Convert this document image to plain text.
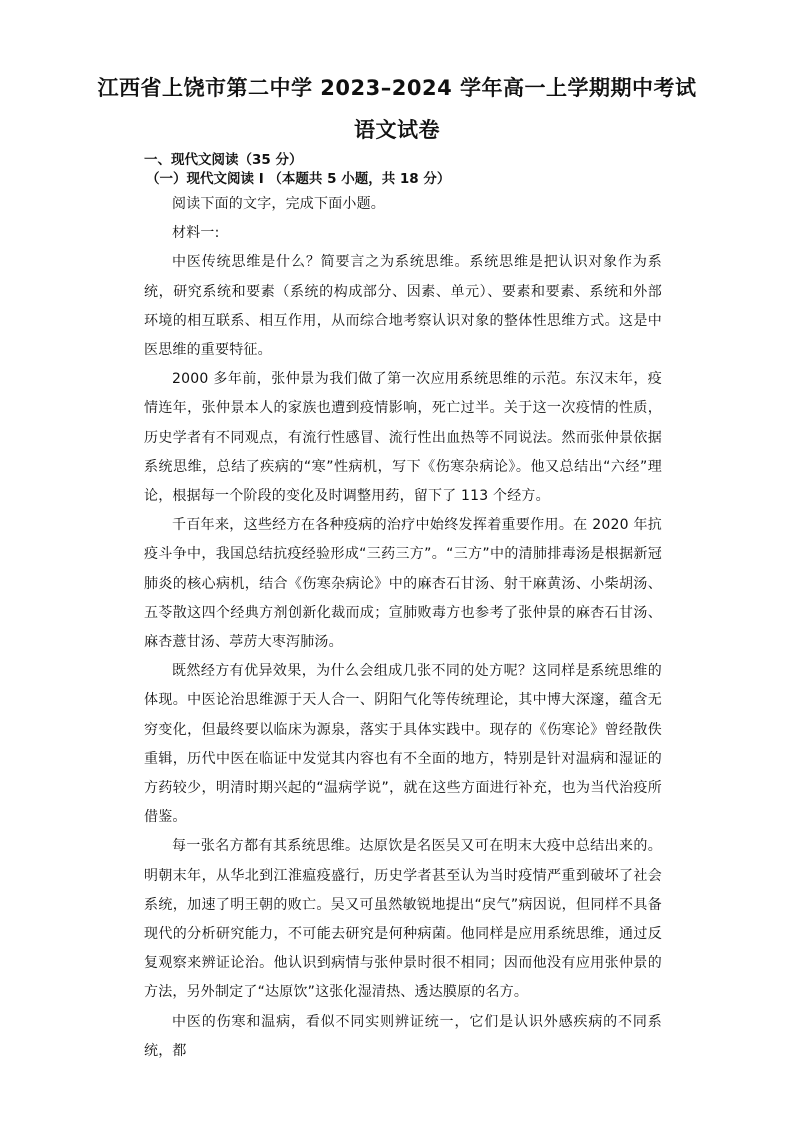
江西省上饶市第二中学 2023–2024 学年高一上学期期中考试
语文试卷
一、现代文阅读（35 分）
（一）现代文阅读 I （本题共 5 小题，共 18 分）

阅读下面的文字，完成下面小题。

材料一:

中医传统思维是什么？简要言之为系统思维。系统思维是把认识对象作为系统，研究系统和要素（系统的构成部分、因素、单元）、要素和要素、系统和外部环境的相互联系、相互作用，从而综合地考察认识对象的整体性思维方式。这是中医思维的重要特征。

2000 多年前，张仲景为我们做了第一次应用系统思维的示范。东汉末年，疫情连年，张仲景本人的家族也遭到疫情影响，死亡过半。关于这一次疫情的性质，历史学者有不同观点，有流行性感冒、流行性出血热等不同说法。然而张仲景依据系统思维，总结了疾病的“寒”性病机，写下《伤寒杂病论》。他又总结出“六经”理论，根据每一个阶段的变化及时调整用药，留下了 113 个经方。

千百年来，这些经方在各种疫病的治疗中始终发挥着重要作用。在 2020 年抗疫斗争中，我国总结抗疫经验形成“三药三方”。“三方”中的清肺排毒汤是根据新冠肺炎的核心病机，结合《伤寒杂病论》中的麻杏石甘汤、射干麻黄汤、小柴胡汤、五苓散这四个经典方剂创新化裁而成；宣肺败毒方也参考了张仲景的麻杏石甘汤、麻杏薏甘汤、葶苈大枣泻肺汤。

既然经方有优异效果，为什么会组成几张不同的处方呢？这同样是系统思维的体现。中医论治思维源于天人合一、阴阳气化等传统理论，其中博大深邃，蕴含无穷变化，但最终要以临床为源泉，落实于具体实践中。现存的《伤寒论》曾经散佚重辑，历代中医在临证中发觉其内容也有不全面的地方，特别是针对温病和湿证的方药较少，明清时期兴起的“温病学说”，就在这些方面进行补充，也为当代治疫所借鉴。

每一张名方都有其系统思维。达原饮是名医吴又可在明末大疫中总结出来的。明朝末年，从华北到江淮瘟疫盛行，历史学者甚至认为当时疫情严重到破坏了社会系统，加速了明王朝的败亡。吴又可虽然敏锐地提出“戾气”病因说，但同样不具备现代的分析研究能力，不可能去研究是何种病菌。他同样是应用系统思维，通过反复观察来辨证论治。他认识到病情与张仲景时很不相同；因而他没有应用张仲景的方法，另外制定了“达原饮”这张化湿清热、透达膜原的名方。

中医的伤寒和温病，看似不同实则辨证统一，它们是认识外感疾病的不同系统，都
